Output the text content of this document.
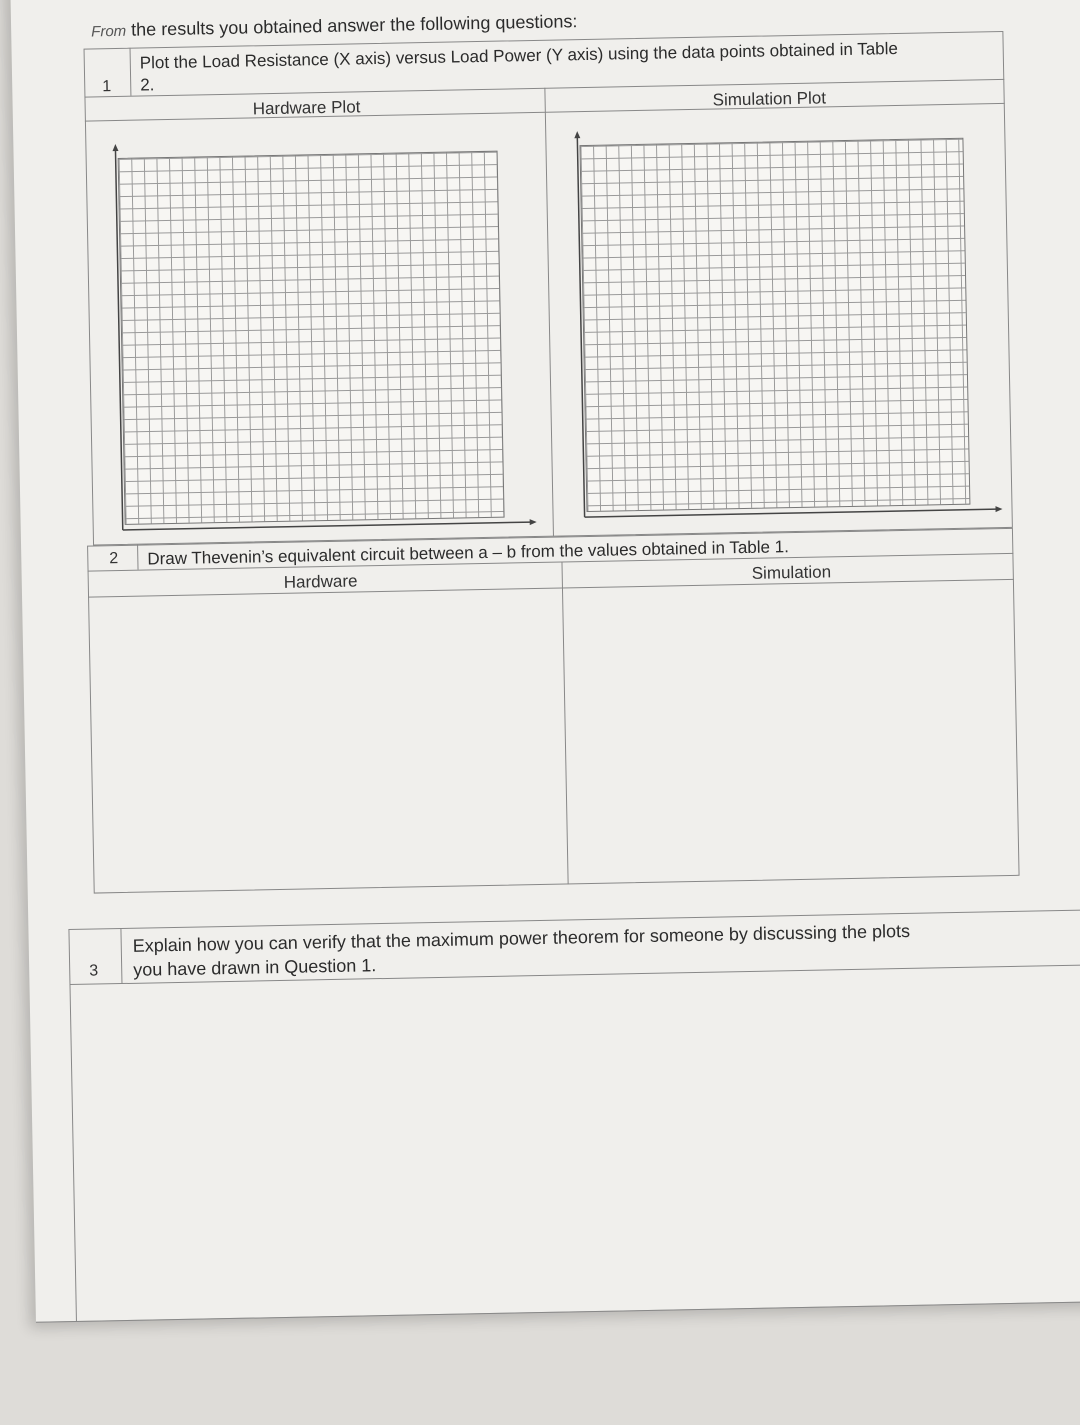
From the results you obtained answer the following questions:
1
Plot the Load Resistance (X axis) versus Load Power (Y axis) using the data points obtained in Table
2.
Hardware Plot	Simulation Plot
2 Draw Thevenin’s equivalent circuit between a – b from the values obtained in Table 1.
Hardware	Simulation
3
Explain how you can verify that the maximum power theorem for someone by discussing the plots
you have drawn in Question 1.
